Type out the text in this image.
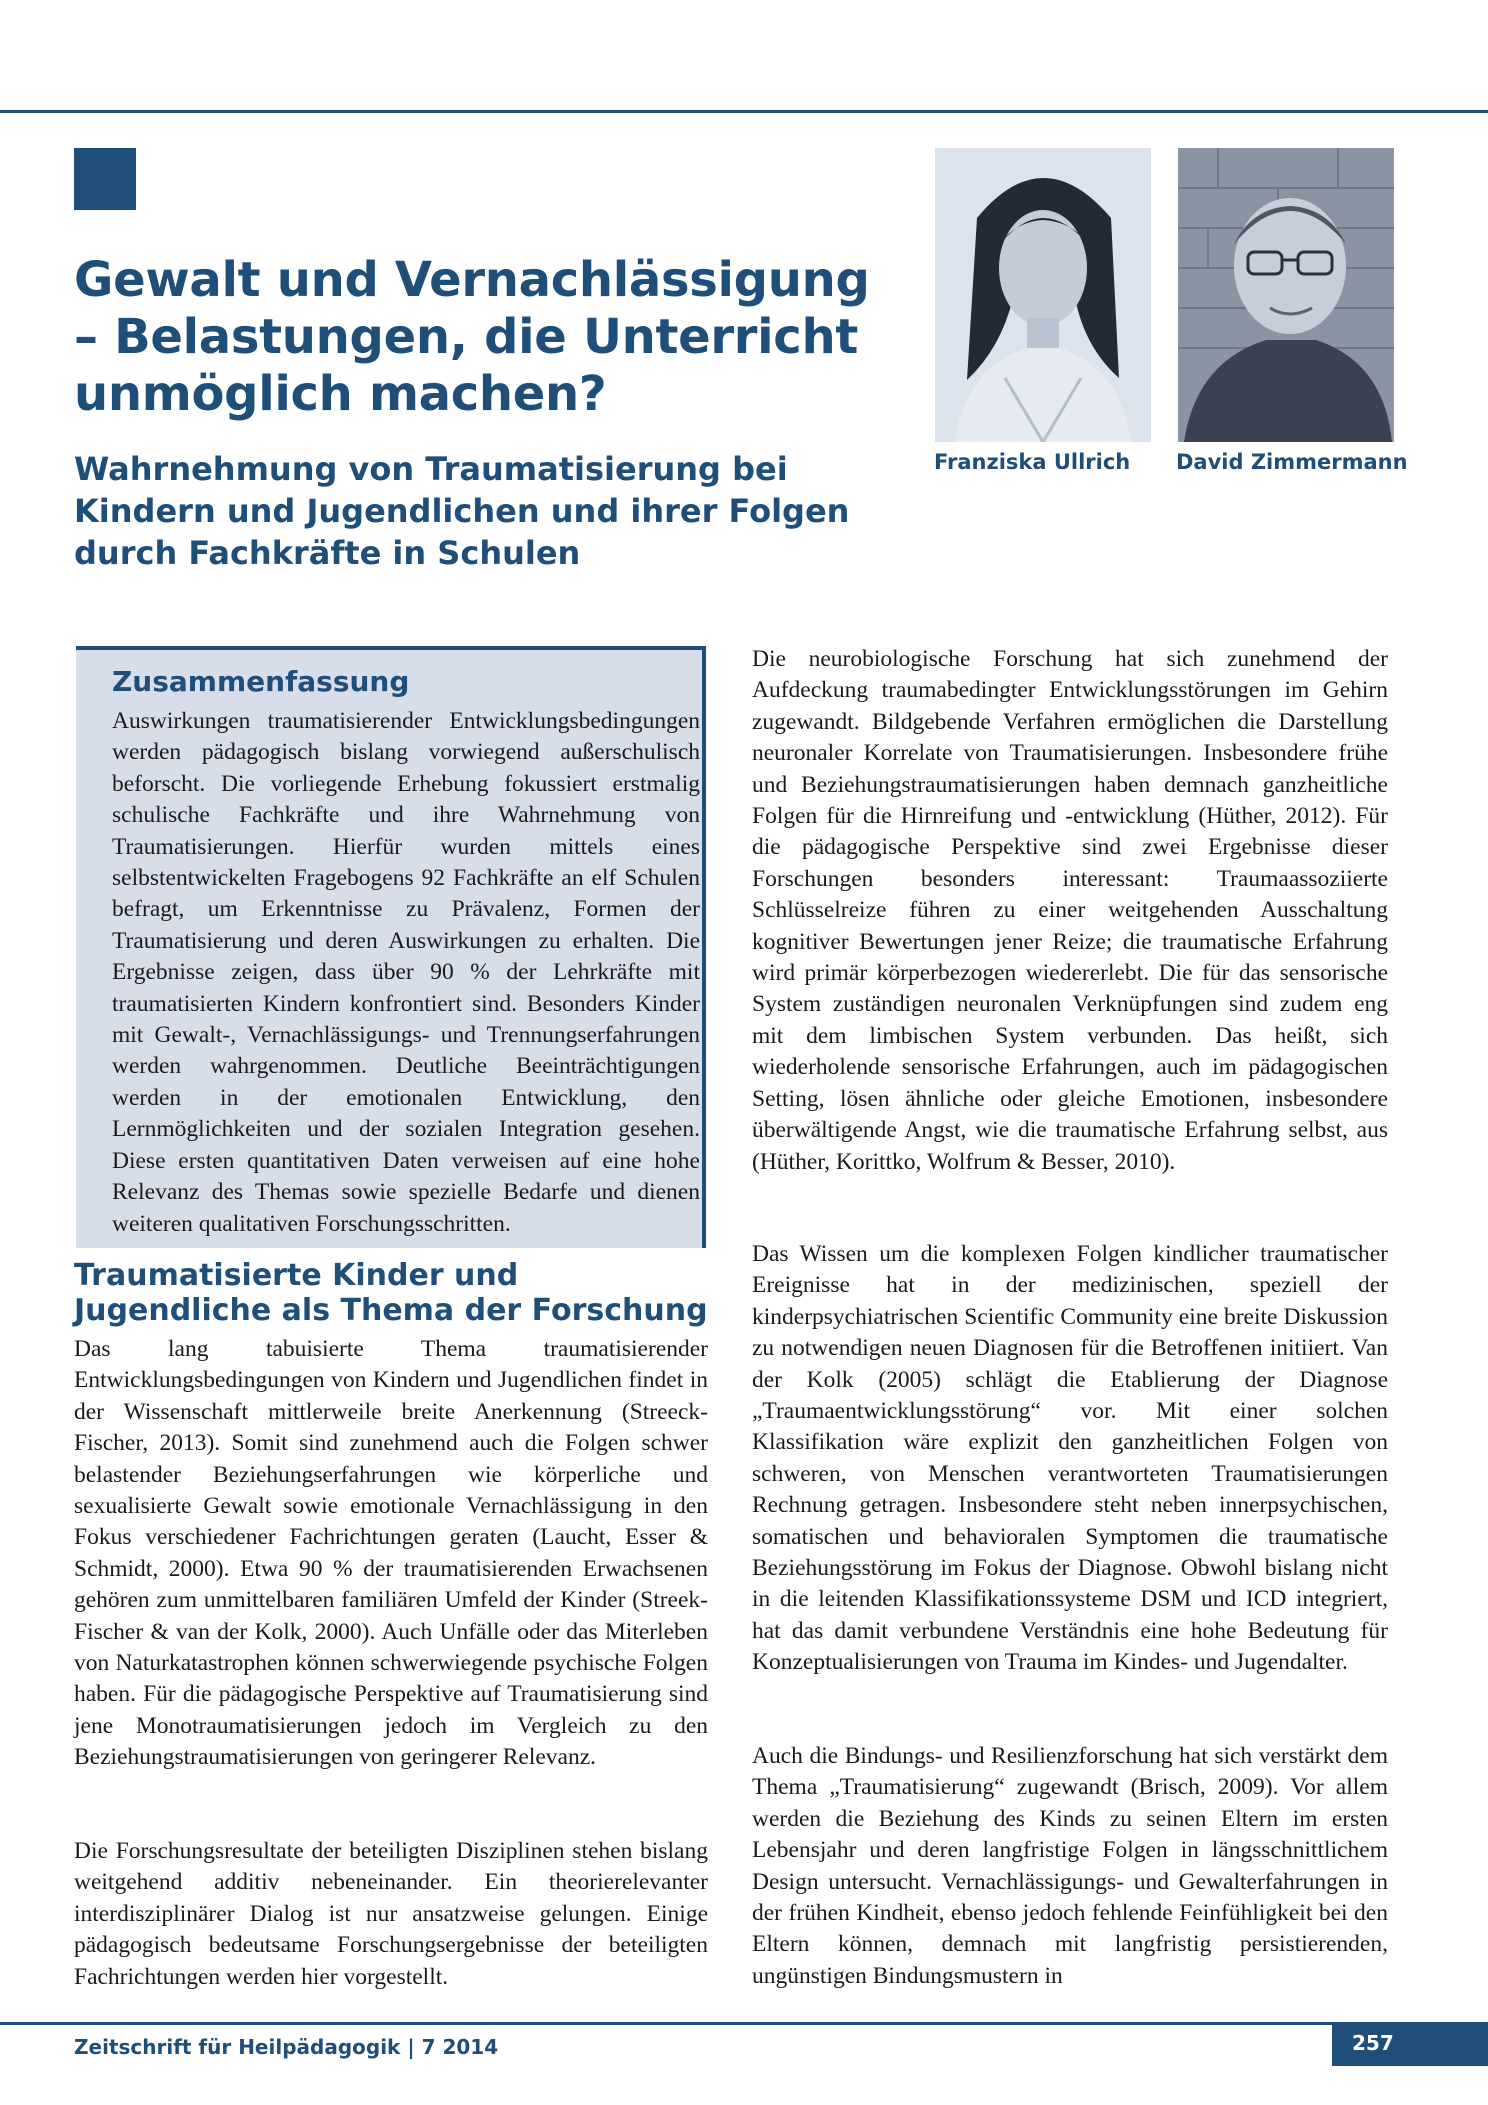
Gewalt und Vernachlässigung – Belastungen, die Unterricht unmöglich machen?
Wahrnehmung von Traumatisierung bei Kindern und Jugendlichen und ihrer Folgen durch Fachkräfte in Schulen

Franziska Ullrich David Zimmermann

Zusammenfassung

Auswirkungen traumatisierender Entwicklungsbedingungen werden pädagogisch bislang vorwiegend außerschulisch beforscht. Die vorliegende Erhebung fokussiert erstmalig schulische Fachkräfte und ihre Wahrnehmung von Traumatisierungen. Hierfür wurden mittels eines selbstentwickelten Fragebogens 92 Fachkräfte an elf Schulen befragt, um Erkenntnisse zu Prävalenz, Formen der Traumatisierung und deren Auswirkungen zu erhalten. Die Ergebnisse zeigen, dass über 90 % der Lehrkräfte mit traumatisierten Kindern konfrontiert sind. Besonders Kinder mit Gewalt-, Vernachlässigungs- und Trennungserfahrungen werden wahrgenommen. Deutliche Beeinträchtigungen werden in der emotionalen Entwicklung, den Lernmöglichkeiten und der sozialen Integration gesehen. Diese ersten quantitativen Daten verweisen auf eine hohe Relevanz des Themas sowie spezielle Bedarfe und dienen weiteren qualitativen Forschungsschritten.

Traumatisierte Kinder und Jugendliche als Thema der Forschung

Das lang tabuisierte Thema traumatisierender Entwicklungsbedingungen von Kindern und Jugendlichen findet in der Wissenschaft mittlerweile breite Anerkennung (Streeck-Fischer, 2013). Somit sind zunehmend auch die Folgen schwer belastender Beziehungserfahrungen wie körperliche und sexualisierte Gewalt sowie emotionale Vernachlässigung in den Fokus verschiedener Fachrichtungen geraten (Laucht, Esser & Schmidt, 2000). Etwa 90 % der traumatisierenden Erwachsenen gehören zum unmittelbaren familiären Umfeld der Kinder (Streek-Fischer & van der Kolk, 2000). Auch Unfälle oder das Miterleben von Naturkatastrophen können schwerwiegende psychische Folgen haben. Für die pädagogische Perspektive auf Traumatisierung sind jene Monotraumatisierungen jedoch im Vergleich zu den Beziehungstraumatisierungen von geringerer Relevanz.

Die Forschungsresultate der beteiligten Disziplinen stehen bislang weitgehend additiv nebeneinander. Ein theorierelevanter interdisziplinärer Dialog ist nur ansatzweise gelungen. Einige pädagogisch bedeutsame Forschungsergebnisse der beteiligten Fachrichtungen werden hier vorgestellt.

Die neurobiologische Forschung hat sich zunehmend der Aufdeckung traumabedingter Entwicklungsstörungen im Gehirn zugewandt. Bildgebende Verfahren ermöglichen die Darstellung neuronaler Korrelate von Traumatisierungen. Insbesondere frühe und Beziehungstraumatisierungen haben demnach ganzheitliche Folgen für die Hirnreifung und -entwicklung (Hüther, 2012). Für die pädagogische Perspektive sind zwei Ergebnisse dieser Forschungen besonders interessant: Traumaassoziierte Schlüsselreize führen zu einer weitgehenden Ausschaltung kognitiver Bewertungen jener Reize; die traumatische Erfahrung wird primär körperbezogen wiedererlebt. Die für das sensorische System zuständigen neuronalen Verknüpfungen sind zudem eng mit dem limbischen System verbunden. Das heißt, sich wiederholende sensorische Erfahrungen, auch im pädagogischen Setting, lösen ähnliche oder gleiche Emotionen, insbesondere überwältigende Angst, wie die traumatische Erfahrung selbst, aus (Hüther, Korittko, Wolfrum & Besser, 2010).

Das Wissen um die komplexen Folgen kindlicher traumatischer Ereignisse hat in der medizinischen, speziell der kinderpsychiatrischen Scientific Community eine breite Diskussion zu notwendigen neuen Diagnosen für die Betroffenen initiiert. Van der Kolk (2005) schlägt die Etablierung der Diagnose „Traumaentwicklungsstörung“ vor. Mit einer solchen Klassifikation wäre explizit den ganzheitlichen Folgen von schweren, von Menschen verantworteten Traumatisierungen Rechnung getragen. Insbesondere steht neben innerpsychischen, somatischen und behavioralen Symptomen die traumatische Beziehungsstörung im Fokus der Diagnose. Obwohl bislang nicht in die leitenden Klassifikationssysteme DSM und ICD integriert, hat das damit verbundene Verständnis eine hohe Bedeutung für Konzeptualisierungen von Trauma im Kindes- und Jugendalter.

Auch die Bindungs- und Resilienzforschung hat sich verstärkt dem Thema „Traumatisierung“ zugewandt (Brisch, 2009). Vor allem werden die Beziehung des Kinds zu seinen Eltern im ersten Lebensjahr und deren langfristige Folgen in längsschnittlichem Design untersucht. Vernachlässigungs- und Gewalterfahrungen in der frühen Kindheit, ebenso jedoch fehlende Feinfühligkeit bei den Eltern können, demnach mit langfristig persistierenden, ungünstigen Bindungsmustern in

Zeitschrift für Heilpädagogik | 7 2014	257
